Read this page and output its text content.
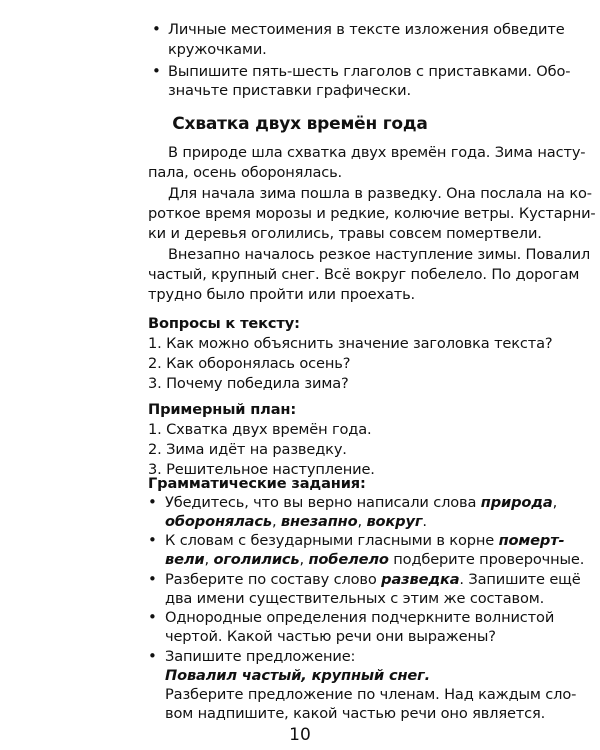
• Личные местоимения в тексте изложения обведите
кружочками.
• Выпишите пять-шесть глаголов с приставками. Обо-
значьте приставки графически.
Схватка двух времён года
В природе шла схватка двух времён года. Зима насту-
пала, осень оборонялась.
Для начала зима пошла в разведку. Она послала на ко-
роткое время морозы и редкие, колючие ветры. Кустарни-
ки и деревья оголились, травы совсем помертвели.
Внезапно началось резкое наступление зимы. Повалил
частый, крупный снег. Всё вокруг побелело. По дорогам
трудно было пройти или проехать.
Вопросы к тексту:
1. Как можно объяснить значение заголовка текста?
2. Как оборонялась осень?
3. Почему победила зима?
Примерный план:
1. Схватка двух времён года.
2. Зима идёт на разведку.
3. Решительное наступление.
Грамматические задания:
• Убедитесь, что вы верно написали слова природа,
оборонялась, внезапно, вокруг.
• К словам с безударными гласными в корне померт-
вели, оголились, побелело подберите проверочные.
• Разберите по составу слово разведка. Запишите ещё
два имени существительных с этим же составом.
• Однородные определения подчеркните волнистой
чертой. Какой частью речи они выражены?
• Запишите предложение:
Повалил частый, крупный снег.
Разберите предложение по членам. Над каждым сло-
10
вом надпишите, какой частью речи оно является.
